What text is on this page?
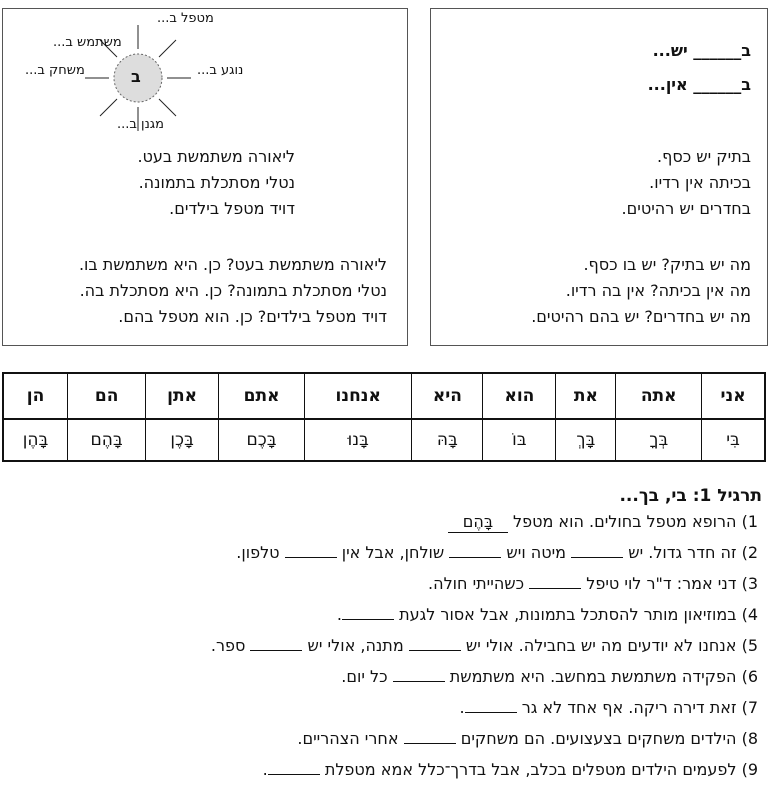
ב______ יש...
ב______ אין...
בתיק יש כסף.
בכיתה אין רדיו.
בחדרים יש רהיטים.
מה יש בתיק? יש בו כסף.
מה אין בכיתה? אין בה רדיו.
מה יש בחדרים? יש בהם רהיטים.
ב
מטפל ב...
משתמש ב...
משחק ב...	נוגע ב...
מגנן ב...
ליאורה משתמשת בעט.
נטלי מסתכלת בתמונה.
דויד מטפל בילדים.
ליאורה משתמשת בעט? כן. היא משתמשת בו.
נטלי מסתכלת בתמונה? כן. היא מסתכלת בה.
דויד מטפל בילדים? כן. הוא מטפל בהם.
אני	אתה	את	הוא	היא	אנחנו	אתם	אתן	הם	הן
בִּי	בְּךָ	בָּךְ	בּוֹ	בָּהּ	בָּנוּ	בָּכֶם	בָּכֶן	בָּהֶם	בָּהֶן
תרגיל 1: בי, בך...
1) הרופא מטפל בחולים. הוא מטפל בָּהֶם
2) זה חדר גדול. יש  מיטה ויש  שולחן, אבל אין  טלפון.
3) דני אמר: ד"ר לוי טיפל  כשהייתי חולה.
4) במוזיאון מותר להסתכל בתמונות, אבל אסור לגעת .
5) אנחנו לא יודעים מה יש בחבילה. אולי יש  מתנה, אולי יש  ספר.
6) הפקידה משתמשת במחשב. היא משתמשת  כל יום.
7) זאת דירה ריקה. אף אחד לא גר .
8) הילדים משחקים בצעצועים. הם משחקים  אחרי הצהריים.
9) לפעמים הילדים מטפלים בכלב, אבל בדרך־כלל אמא מטפלת .
